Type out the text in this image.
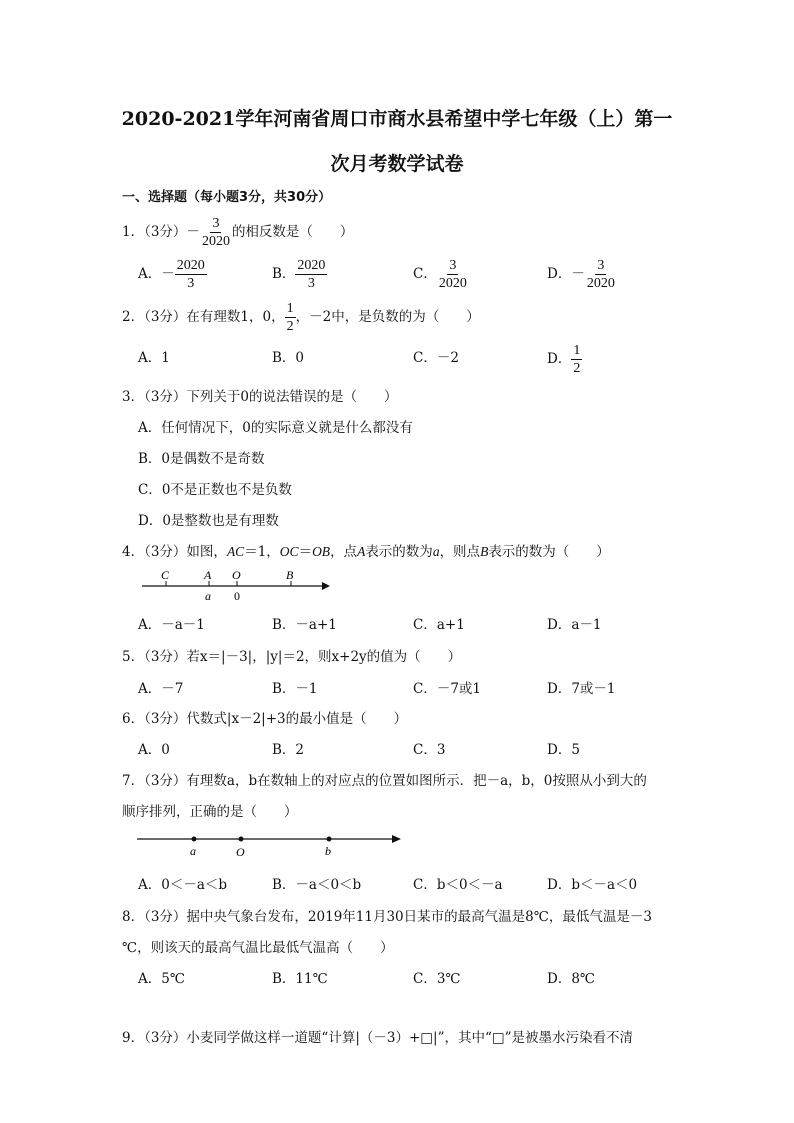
2020-2021学年河南省周口市商水县希望中学七年级（上）第一
次月考数学试卷
一、选择题（每小题3分，共30分）
1．（3分）－ $\frac{3}{2020}$ 的相反数是（　　）
A．－ $\frac{2020}{3}$	B． $\frac{2020}{3}$	C． $\frac{3}{2020}$	D．－ $\frac{3}{2020}$
2．（3分）在有理数1，0， $\frac{1}{2}$ ，－2中，是负数的为（　　）
A．1	B．0	C．－2	D． $\frac{1}{2}$
3．（3分）下列关于0的说法错误的是（　　）
A．任何情况下，0的实际意义就是什么都没有
B．0是偶数不是奇数
C．0不是正数也不是负数
D．0是整数也是有理数
4．（3分）如图，AC＝1，OC＝OB，点A表示的数为a，则点B表示的数为（　　）
C	A O	B
a 0
A．－a－1	B．－a+1	C．a+1	D．a－1
5．（3分）若x＝|－3|，|y|＝2，则x+2y的值为（　　）
A．－7	B．－1	C．－7或1	D．7或－1
6．（3分）代数式|x－2|+3的最小值是（　　）
A．0	B．2	C．3	D．5
7．（3分）有理数a，b在数轴上的对应点的位置如图所示．把－a，b，0按照从小到大的
顺序排列，正确的是（　　）
a	O	b
A．0＜－a＜b	B．－a＜0＜b	C．b＜0＜－a	D．b＜－a＜0
8．（3分）据中央气象台发布，2019年11月30日某市的最高气温是8℃，最低气温是－3
℃，则该天的最高气温比最低气温高（　　）
A．5℃	B．11℃	C．3℃	D．8℃
9．（3分）小麦同学做这样一道题“计算|（－3）+□|”，其中“□”是被墨水污染看不清
